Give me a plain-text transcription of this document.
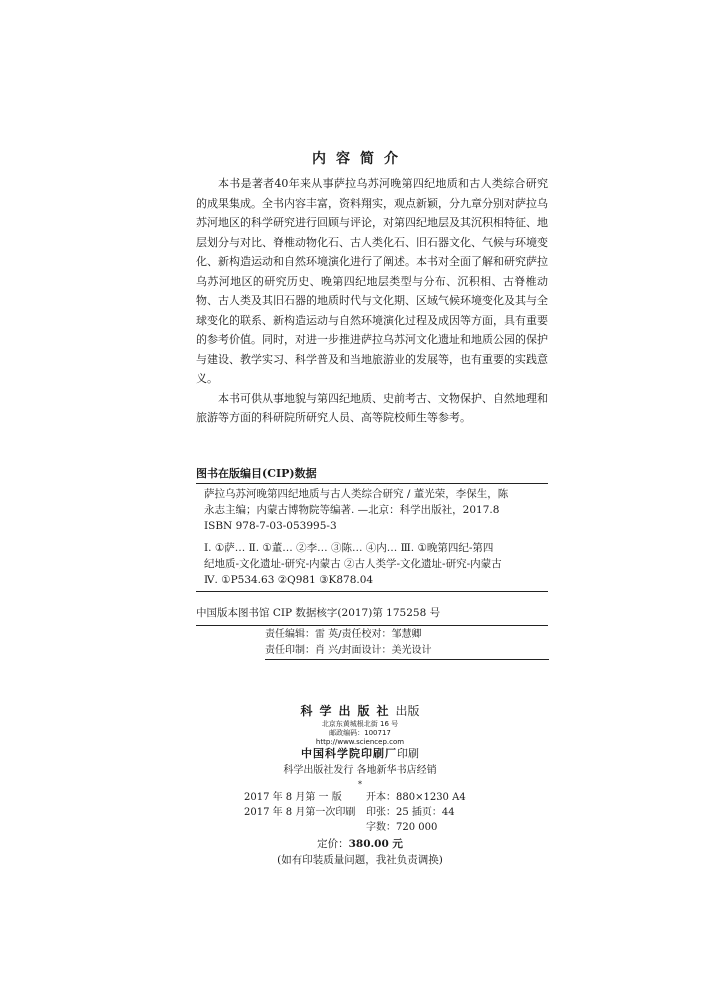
内容简介

本书是著者40年来从事萨拉乌苏河晚第四纪地质和古人类综合研究的成果集成。全书内容丰富，资料翔实，观点新颖，分九章分别对萨拉乌苏河地区的科学研究进行回顾与评论，对第四纪地层及其沉积相特征、地层划分与对比、脊椎动物化石、古人类化石、旧石器文化、气候与环境变化、新构造运动和自然环境演化进行了阐述。本书对全面了解和研究萨拉乌苏河地区的研究历史、晚第四纪地层类型与分布、沉积相、古脊椎动物、古人类及其旧石器的地质时代与文化期、区域气候环境变化及其与全球变化的联系、新构造运动与自然环境演化过程及成因等方面，具有重要的参考价值。同时，对进一步推进萨拉乌苏河文化遗址和地质公园的保护与建设、教学实习、科学普及和当地旅游业的发展等，也有重要的实践意义。

本书可供从事地貌与第四纪地质、史前考古、文物保护、自然地理和旅游等方面的科研院所研究人员、高等院校师生等参考。

图书在版编目(CIP)数据
萨拉乌苏河晚第四纪地质与古人类综合研究 / 董光荣，李保生，陈
永志主编；内蒙古博物院等编著. —北京：科学出版社，2017.8
ISBN 978-7-03-053995-3
Ⅰ. ①萨… Ⅱ. ①董… ②李… ③陈… ④内… Ⅲ. ①晚第四纪-第四
纪地质-文化遗址-研究-内蒙古 ②古人类学-文化遗址-研究-内蒙古
Ⅳ. ①P534.63 ②Q981 ③K878.04
中国版本图书馆 CIP 数据核字(2017)第 175258 号
责任编辑：雷 英/责任校对：邹慧卿
责任印制：肖 兴/封面设计：美光设计
科学出版社出版
北京东黄城根北街 16 号
邮政编码：100717
http://www.sciencep.com
中国科学院印刷厂印刷
科学出版社发行 各地新华书店经销
*
2017 年 8 月第 一 版 开本：880×1230 A4
2017 年 8 月第一次印刷 印张：25 插页：44
字数：720 000
定价：380.00 元
(如有印装质量问题，我社负责调换)
